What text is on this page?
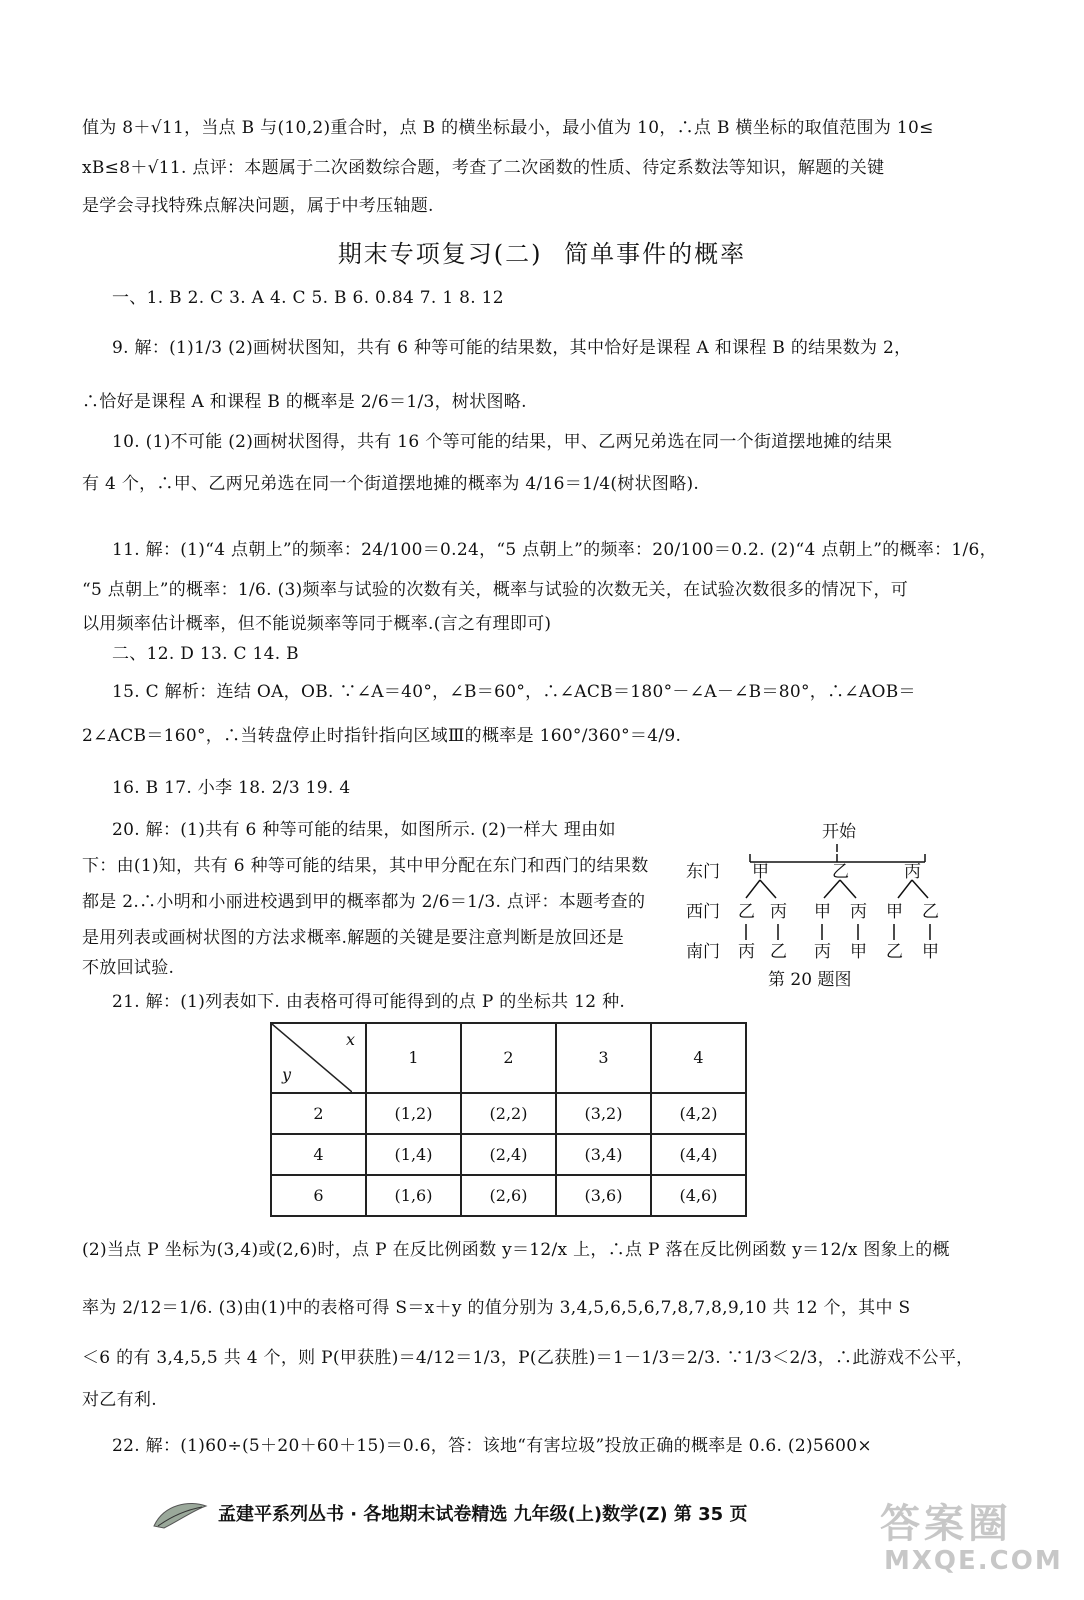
值为 8＋√11，当点 B 与(10,2)重合时，点 B 的横坐标最小，最小值为 10，∴点 B 横坐标的取值范围为 10≤
xB≤8＋√11. 点评：本题属于二次函数综合题，考查了二次函数的性质、待定系数法等知识，解题的关键
是学会寻找特殊点解决问题，属于中考压轴题.
期末专项复习(二) 简单事件的概率
一、1. B 2. C 3. A 4. C 5. B 6. 0.84 7. 1 8. 12
9. 解：(1)1/3 (2)画树状图知，共有 6 种等可能的结果数，其中恰好是课程 A 和课程 B 的结果数为 2，
∴恰好是课程 A 和课程 B 的概率是 2/6＝1/3，树状图略.
10. (1)不可能 (2)画树状图得，共有 16 个等可能的结果，甲、乙两兄弟选在同一个街道摆地摊的结果
有 4 个，∴甲、乙两兄弟选在同一个街道摆地摊的概率为 4/16＝1/4(树状图略).
11. 解：(1)“4 点朝上”的频率：24/100＝0.24，“5 点朝上”的频率：20/100＝0.2. (2)“4 点朝上”的概率：1/6，
“5 点朝上”的概率：1/6. (3)频率与试验的次数有关，概率与试验的次数无关，在试验次数很多的情况下，可
以用频率估计概率，但不能说频率等同于概率.(言之有理即可)
二、12. D 13. C 14. B
15. C 解析：连结 OA，OB. ∵∠A＝40°，∠B＝60°，∴∠ACB＝180°－∠A－∠B＝80°，∴∠AOB＝
2∠ACB＝160°，∴当转盘停止时指针指向区域Ⅲ的概率是 160°/360°＝4/9.
16. B 17. 小李 18. 2/3 19. 4
20. 解：(1)共有 6 种等可能的结果，如图所示. (2)一样大 理由如
下：由(1)知，共有 6 种等可能的结果，其中甲分配在东门和西门的结果数
都是 2.∴小明和小丽进校遇到甲的概率都为 2/6＝1/3. 点评：本题考查的
是用列表或画树状图的方法求概率.解题的关键是要注意判断是放回还是
不放回试验.
开始
东门
西门
南门
甲	乙	丙
乙 丙 甲 丙 甲 乙
丙 乙 丙 甲 乙 甲
第 20 题图
21. 解：(1)列表如下. 由表格可得可能得到的点 P 的坐标共 12 种.
x
y	1	2	3	4
2	(1,2)	(2,2)	(3,2)	(4,2)
4	(1,4)	(2,4)	(3,4)	(4,4)
6	(1,6)	(2,6)	(3,6)	(4,6)
(2)当点 P 坐标为(3,4)或(2,6)时，点 P 在反比例函数 y＝12/x 上，∴点 P 落在反比例函数 y＝12/x 图象上的概
率为 2/12＝1/6. (3)由(1)中的表格可得 S＝x＋y 的值分别为 3,4,5,6,5,6,7,8,7,8,9,10 共 12 个，其中 S
＜6 的有 3,4,5,5 共 4 个，则 P(甲获胜)＝4/12＝1/3，P(乙获胜)＝1－1/3＝2/3. ∵1/3＜2/3，∴此游戏不公平，
对乙有利.
22. 解：(1)60÷(5＋20＋60＋15)＝0.6，答：该地“有害垃圾”投放正确的概率是 0.6. (2)5600×
孟建平系列丛书 · 各地期末试卷精选 九年级(上)数学(Z) 第 35 页	答案圈
MXQE.COM
